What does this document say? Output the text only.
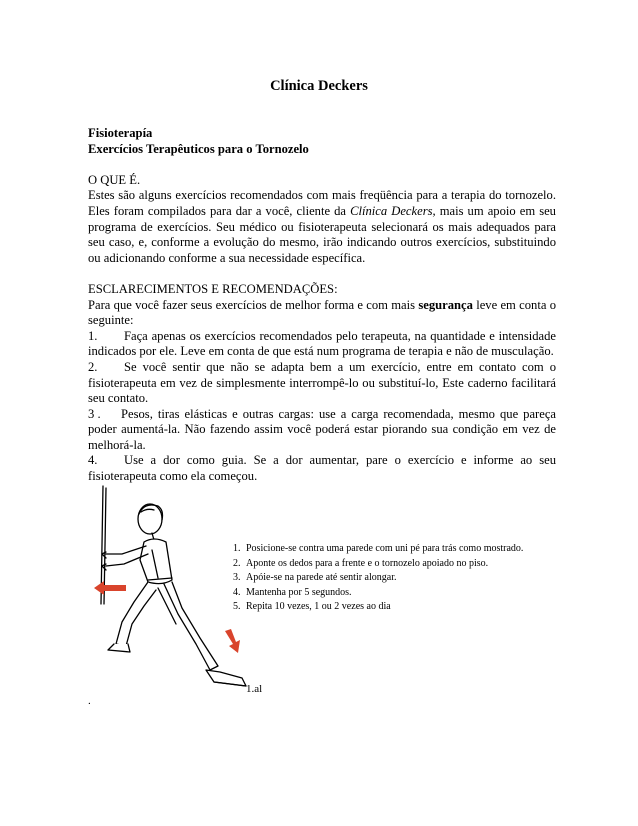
Clínica Deckers

Fisioterapía

Exercícios Terapêuticos para o Tornozelo

O QUE É.

Estes são alguns exercícios recomendados com mais freqüência para a terapia do tornozelo. Eles foram compilados para dar a você, cliente da Clínica Deckers, mais um apoio em seu programa de exercícios. Seu médico ou fisioterapeuta selecionará os mais adequados para seu caso, e, conforme a evolução do mesmo, irão indicando outros exercícios, substituindo ou adicionando conforme a sua necessidade específica.

ESCLARECIMENTOS E RECOMENDAÇÕES:

Para que você fazer seus exercícios de melhor forma e com mais segurança leve em conta o seguinte:

1. Faça apenas os exercícios recomendados pelo terapeuta, na quantidade e intensidade indicados por ele. Leve em conta de que está num programa de terapia e não de musculação.

2. Se você sentir que não se adapta bem a um exercício, entre em contato com o fisioterapeuta em vez de simplesmente interrompê-lo ou substituí-lo, Este caderno facilitará seu contato.

3 . Pesos, tiras elásticas e outras cargas: use a carga recomendada, mesmo que pareça poder aumentá-la. Não fazendo assim você poderá estar piorando sua condição em vez de melhorá-la.

4. Use a dor como guia. Se a dor aumentar, pare o exercício e informe ao seu fisioterapeuta como ela começou.

1. Posicione-se contra uma parede com uni pé para trás como mostrado.
2. Aponte os dedos para a frente e o tornozelo apoiado no piso.
3. Apóie-se na parede até sentir alongar.
4. Mantenha por 5 segundos.
5. Repita 10 vezes, 1 ou 2 vezes ao dia
1.al
.
